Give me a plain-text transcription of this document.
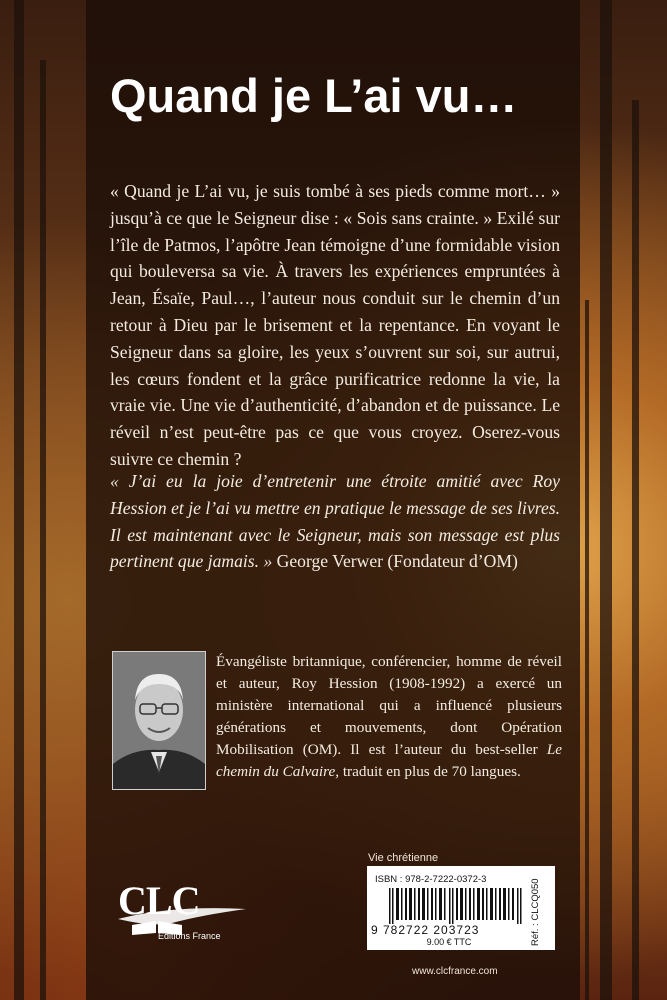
Quand je L’ai vu…

« Quand je L’ai vu, je suis tombé à ses pieds comme mort… » jusqu’à ce que le Seigneur dise : « Sois sans crainte. » Exilé sur l’île de Patmos, l’apôtre Jean témoigne d’une formidable vision qui bouleversa sa vie. À travers les expériences empruntées à Jean, Ésaïe, Paul…, l’auteur nous conduit sur le chemin d’un retour à Dieu par le brisement et la repentance. En voyant le Seigneur dans sa gloire, les yeux s’ouvrent sur soi, sur autrui, les cœurs fondent et la grâce purificatrice redonne la vie, la vraie vie. Une vie d’authenticité, d’abandon et de puissance. Le réveil n’est peut-être pas ce que vous croyez. Oserez-vous suivre ce chemin ?

« J’ai eu la joie d’entretenir une étroite amitié avec Roy Hession et je l’ai vu mettre en pratique le message de ses livres. Il est maintenant avec le Seigneur, mais son message est plus pertinent que jamais. » George Verwer (Fondateur d’OM)

Évangéliste britannique, conférencier, homme de réveil et auteur, Roy Hession (1908-1992) a exercé un ministère international qui a influencé plusieurs générations et mouvements, dont Opération Mobilisation (OM). Il est l’auteur du best-seller Le chemin du Calvaire, traduit en plus de 70 langues.

CLC
Éditions France
Vie chrétienne
ISBN : 978-2-7222-0372-3
9 782722 203723
9.00 € TTC	Réf. : CLCQ050
www.clcfrance.com
